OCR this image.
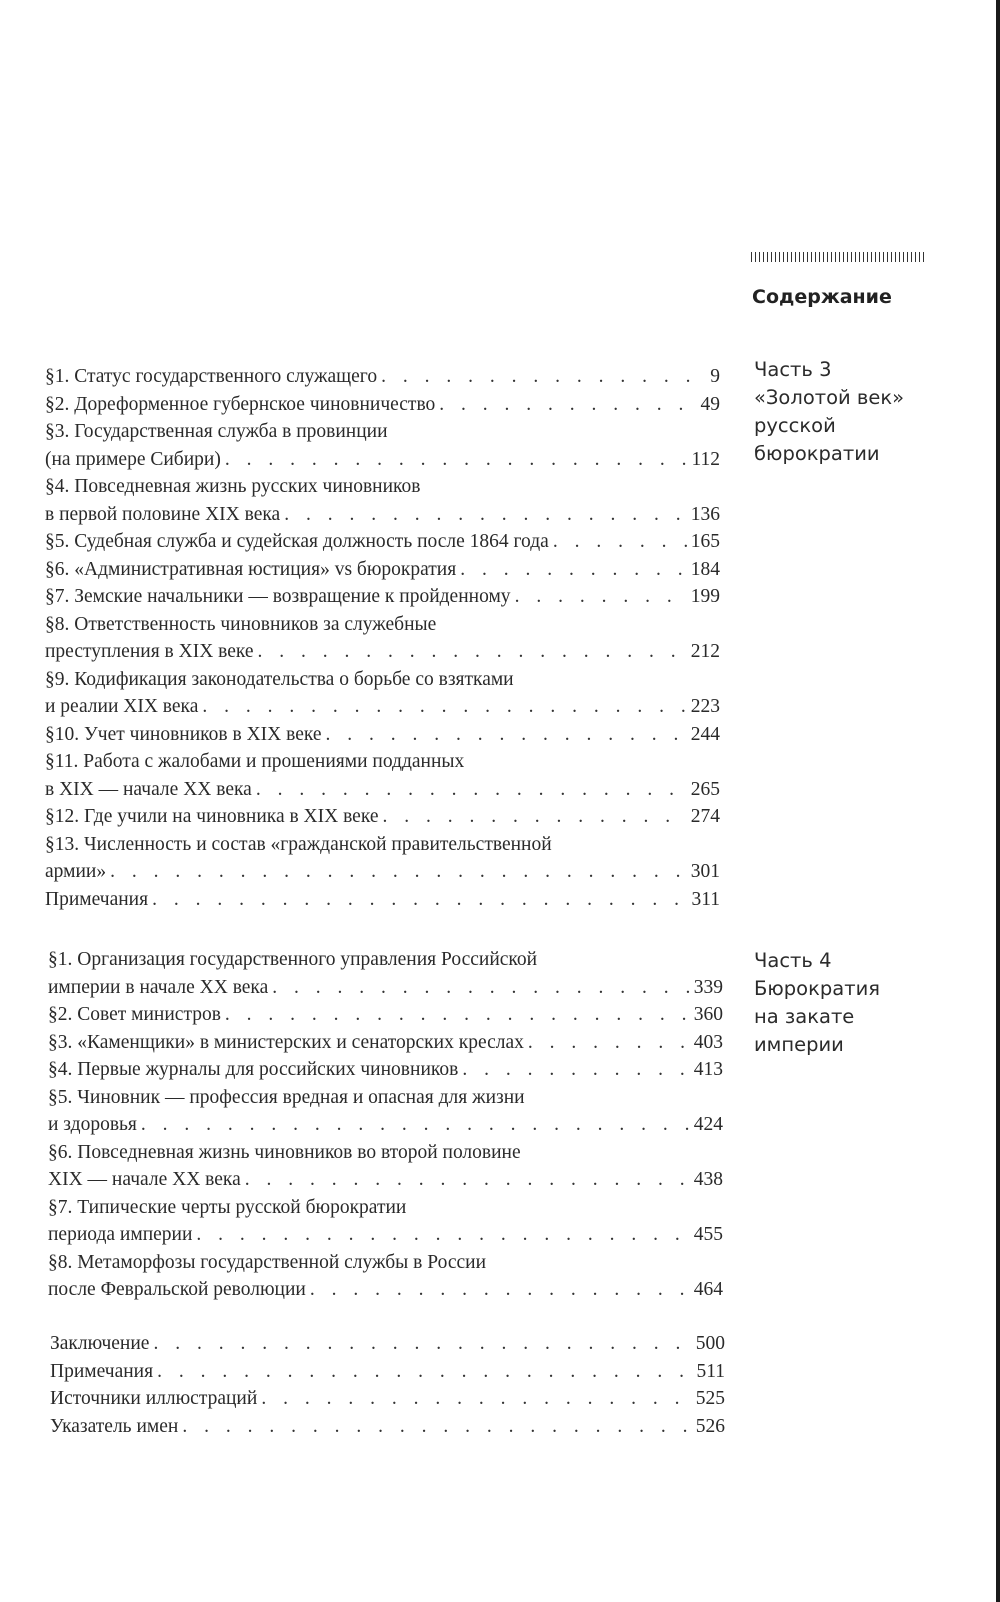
Содержание
Часть 3
«Золотой век»
русской
бюрократии
Часть 4
Бюрократия
на закате
империи
§1. Статус государственного служащего . . .	9
§2. Дореформенное губернское чиновничество . . .	49
§3. Государственная служба в провинции
(на примере Сибири) . . .	112
§4. Повседневная жизнь русских чиновников
в первой половине XIX века . . .	136
§5. Судебная служба и судейская должность после 1864 года . . .	165
§6. «Административная юстиция» vs бюрократия . . .	184
§7. Земские начальники — возвращение к пройденному . . .	199
§8. Ответственность чиновников за служебные
преступления в XIX веке . . .	212
§9. Кодификация законодательства о борьбе со взятками
и реалии XIX века . . .	223
§10. Учет чиновников в XIX веке . . .	244
§11. Работа с жалобами и прошениями подданных
в XIX — начале XX века . . .	265
§12. Где учили на чиновника в XIX веке . . .	274
§13. Численность и состав «гражданской правительственной
армии» . . .	301
Примечания . . .	311
§1. Организация государственного управления Российской
империи в начале XX века . . .	339
§2. Совет министров . . .	360
§3. «Каменщики» в министерских и сенаторских креслах . . .	403
§4. Первые журналы для российских чиновников . . .	413
§5. Чиновник — профессия вредная и опасная для жизни
и здоровья . . .	424
§6. Повседневная жизнь чиновников во второй половине
XIX — начале XX века . . .	438
§7. Типические черты русской бюрократии
периода империи . . .	455
§8. Метаморфозы государственной службы в России
после Февральской революции . . .	464
Заключение . . .	500
Примечания . . .	511
Источники иллюстраций . . .	525
Указатель имен . . .	526
